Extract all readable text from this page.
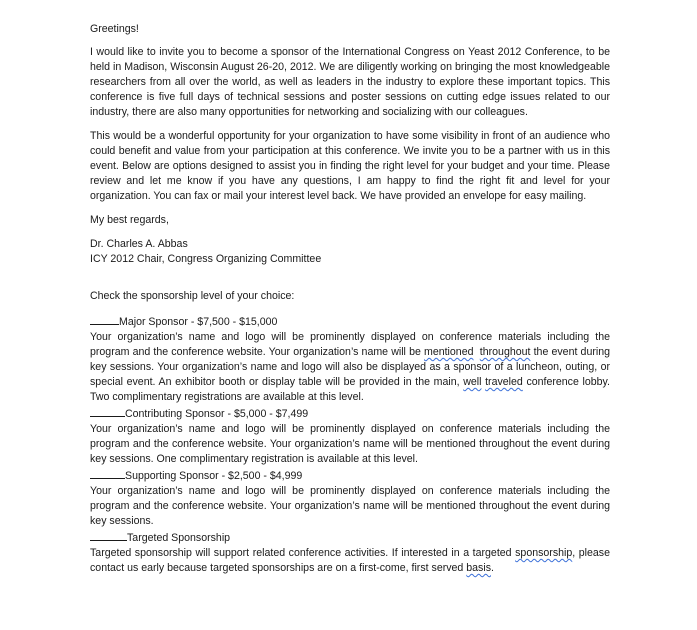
Greetings!

I would like to invite you to become a sponsor of the International Congress on Yeast 2012 Conference, to be held in Madison, Wisconsin August 26-20, 2012. We are diligently working on bringing the most knowledgeable researchers from all over the world, as well as leaders in the industry to explore these important topics. This conference is five full days of technical sessions and poster sessions on cutting edge issues related to our industry, there are also many opportunities for networking and socializing with our colleagues.

This would be a wonderful opportunity for your organization to have some visibility in front of an audience who could benefit and value from your participation at this conference. We invite you to be a partner with us in this event. Below are options designed to assist you in finding the right level for your budget and your time. Please review and let me know if you have any questions, I am happy to find the right fit and level for your organization. You can fax or mail your interest level back. We have provided an envelope for easy mailing.

My best regards,

Dr. Charles A. Abbas

ICY 2012 Chair, Congress Organizing Committee

Check the sponsorship level of your choice:

Major Sponsor - $7,500 - $15,000

Your organization’s name and logo will be prominently displayed on conference materials including the program and the conference website. Your organization’s name will be mentioned throughout the event during key sessions. Your organization’s name and logo will also be displayed as a sponsor of a luncheon, outing, or special event. An exhibitor booth or display table will be provided in the main, well traveled conference lobby. Two complimentary registrations are available at this level.

Contributing Sponsor - $5,000 - $7,499

Your organization’s name and logo will be prominently displayed on conference materials including the program and the conference website. Your organization’s name will be mentioned throughout the event during key sessions. One complimentary registration is available at this level.

Supporting Sponsor - $2,500 - $4,999

Your organization’s name and logo will be prominently displayed on conference materials including the program and the conference website. Your organization’s name will be mentioned throughout the event during key sessions.

Targeted Sponsorship

Targeted sponsorship will support related conference activities. If interested in a targeted sponsorship, please contact us early because targeted sponsorships are on a first-come, first served basis.
